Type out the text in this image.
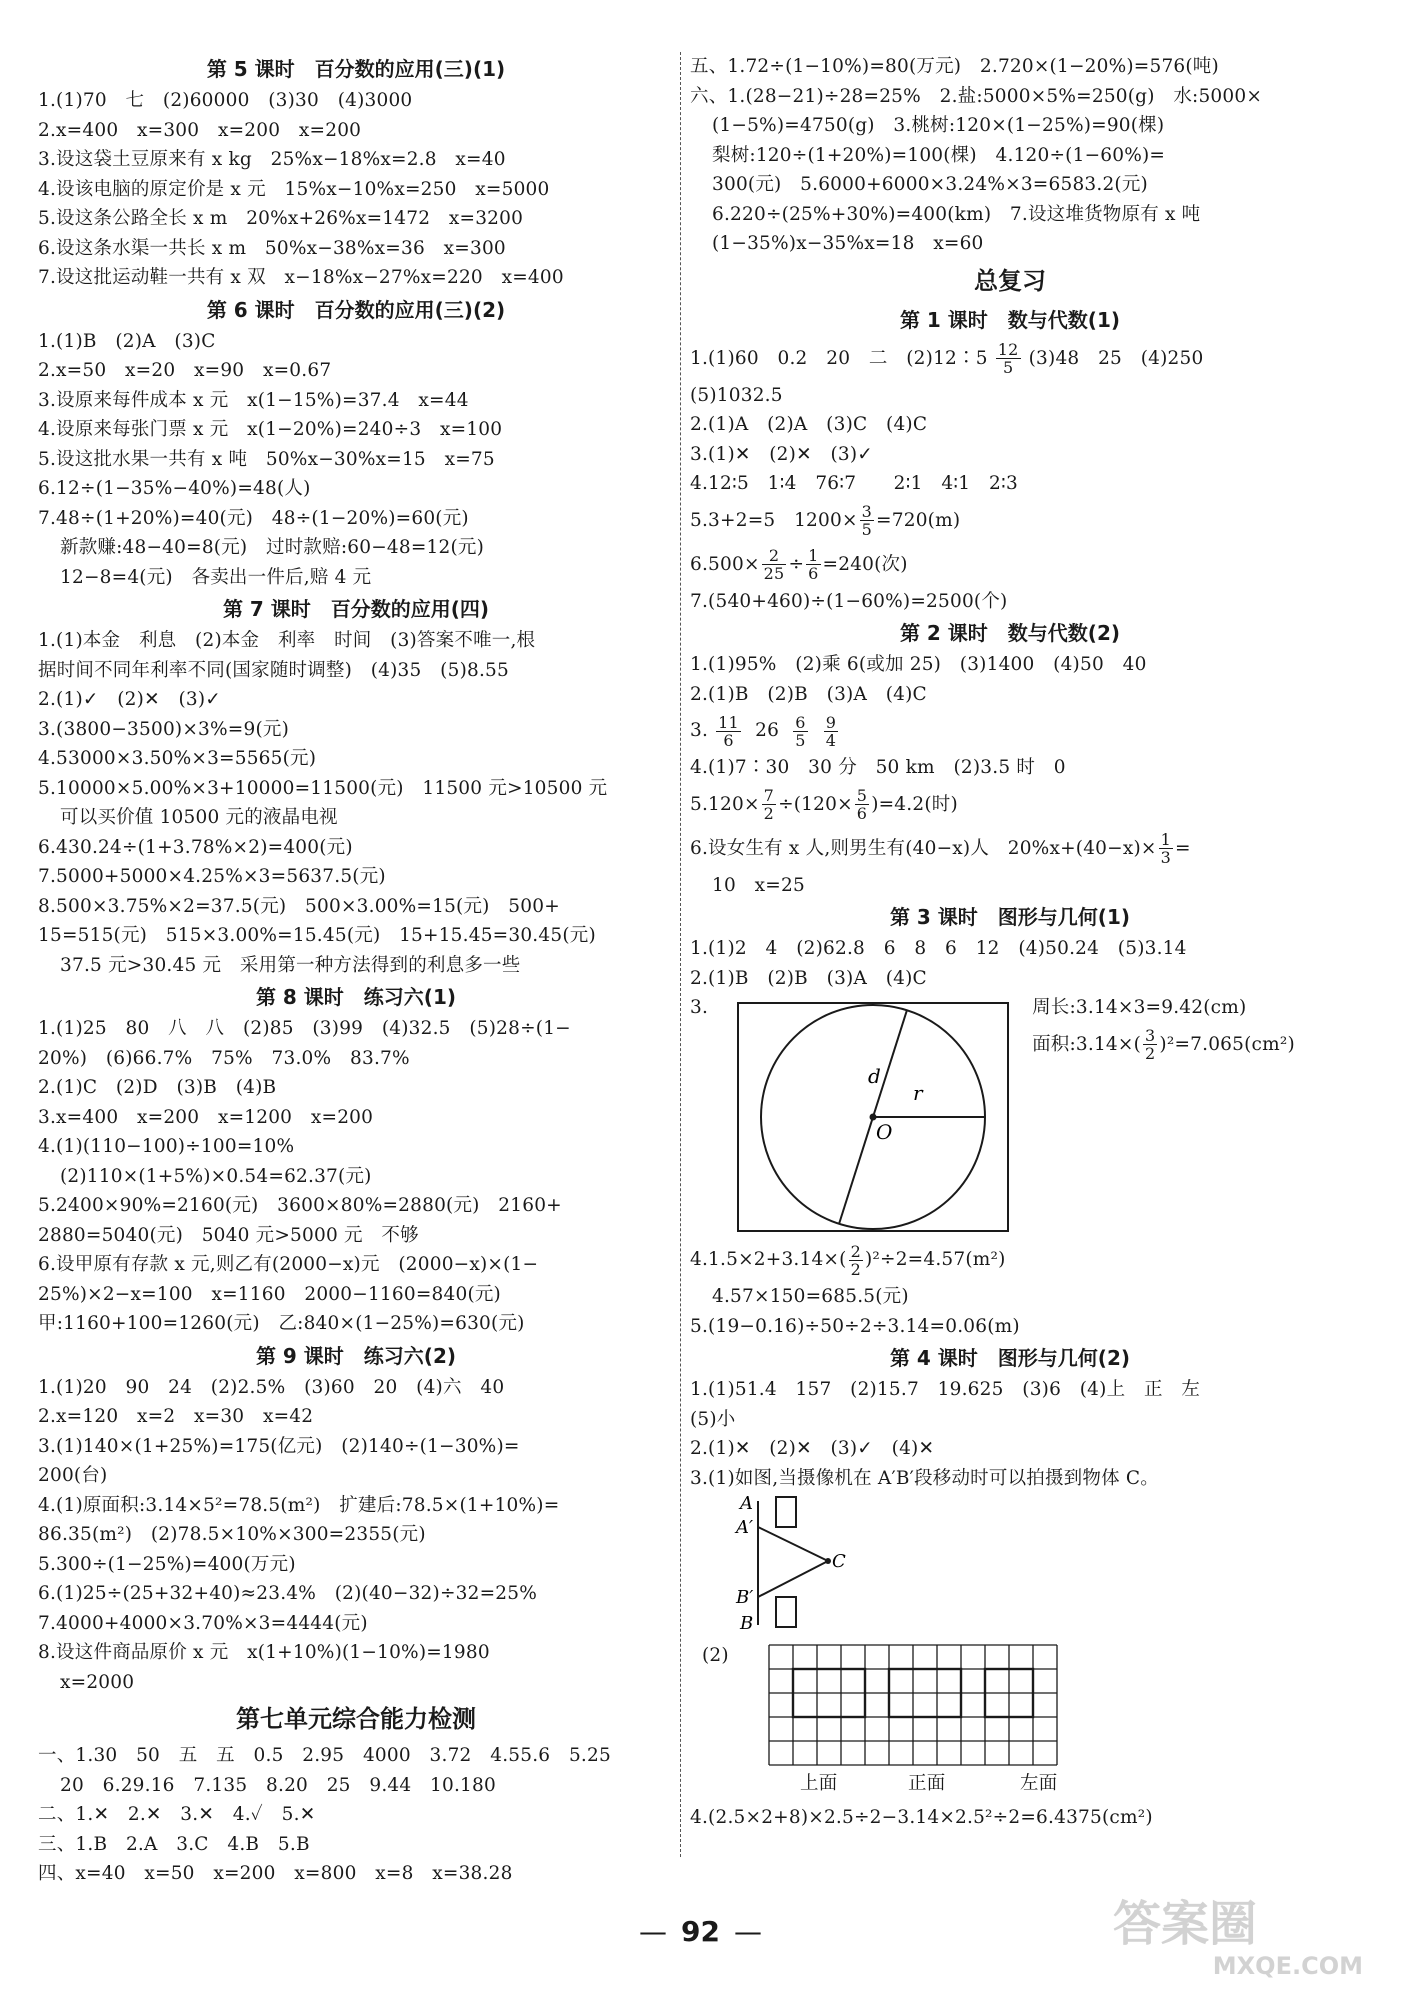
第 5 课时　百分数的应用(三)(1)
1.(1)70　七　(2)60000　(3)30　(4)3000
2.x=400　x=300　x=200　x=200
3.设这袋土豆原来有 x kg　25%x−18%x=2.8　x=40
4.设该电脑的原定价是 x 元　15%x−10%x=250　x=5000
5.设这条公路全长 x m　20%x+26%x=1472　x=3200
6.设这条水渠一共长 x m　50%x−38%x=36　x=300
7.设这批运动鞋一共有 x 双　x−18%x−27%x=220　x=400
第 6 课时　百分数的应用(三)(2)
1.(1)B　(2)A　(3)C
2.x=50　x=20　x=90　x=0.67
3.设原来每件成本 x 元　x(1−15%)=37.4　x=44
4.设原来每张门票 x 元　x(1−20%)=240÷3　x=100
5.设这批水果一共有 x 吨　50%x−30%x=15　x=75
6.12÷(1−35%−40%)=48(人)
7.48÷(1+20%)=40(元)　48÷(1−20%)=60(元)
新款赚:48−40=8(元)　过时款赔:60−48=12(元)
12−8=4(元)　各卖出一件后,赔 4 元
第 7 课时　百分数的应用(四)
1.(1)本金　利息　(2)本金　利率　时间　(3)答案不唯一,根
据时间不同年利率不同(国家随时调整)　(4)35　(5)8.55
2.(1)✓　(2)✕　(3)✓
3.(3800−3500)×3%=9(元)
4.53000×3.50%×3=5565(元)
5.10000×5.00%×3+10000=11500(元)　11500 元>10500 元
可以买价值 10500 元的液晶电视
6.430.24÷(1+3.78%×2)=400(元)
7.5000+5000×4.25%×3=5637.5(元)
8.500×3.75%×2=37.5(元)　500×3.00%=15(元)　500+
15=515(元)　515×3.00%=15.45(元)　15+15.45=30.45(元)
37.5 元>30.45 元　采用第一种方法得到的利息多一些
第 8 课时　练习六(1)
1.(1)25　80　八　八　(2)85　(3)99　(4)32.5　(5)28÷(1−
20%)　(6)66.7%　75%　73.0%　83.7%
2.(1)C　(2)D　(3)B　(4)B
3.x=400　x=200　x=1200　x=200
4.(1)(110−100)÷100=10%
(2)110×(1+5%)×0.54=62.37(元)
5.2400×90%=2160(元)　3600×80%=2880(元)　2160+
2880=5040(元)　5040 元>5000 元　不够
6.设甲原有存款 x 元,则乙有(2000−x)元　(2000−x)×(1−
25%)×2−x=100　x=1160　2000−1160=840(元)
甲:1160+100=1260(元)　乙:840×(1−25%)=630(元)
第 9 课时　练习六(2)
1.(1)20　90　24　(2)2.5%　(3)60　20　(4)六　40
2.x=120　x=2　x=30　x=42
3.(1)140×(1+25%)=175(亿元)　(2)140÷(1−30%)=
200(台)
4.(1)原面积:3.14×5²=78.5(m²)　扩建后:78.5×(1+10%)=
86.35(m²)　(2)78.5×10%×300=2355(元)
5.300÷(1−25%)=400(万元)
6.(1)25÷(25+32+40)≈23.4%　(2)(40−32)÷32=25%
7.4000+4000×3.70%×3=4444(元)
8.设这件商品原价 x 元　x(1+10%)(1−10%)=1980
x=2000
第七单元综合能力检测
一、1.30　50　五　五　0.5　2.95　4000　3.72　4.55.6　5.25
20　6.29.16　7.135　8.20　25　9.44　10.180
二、1.✕　2.✕　3.✕　4.✓　5.✕
三、1.B　2.A　3.C　4.B　5.B
四、x=40　x=50　x=200　x=800　x=8　x=38.28
五、1.72÷(1−10%)=80(万元)　2.720×(1−20%)=576(吨)
六、1.(28−21)÷28=25%　2.盐:5000×5%=250(g)　水:5000×
(1−5%)=4750(g)　3.桃树:120×(1−25%)=90(棵)
梨树:120÷(1+20%)=100(棵)　4.120÷(1−60%)=
300(元)　5.6000+6000×3.24%×3=6583.2(元)
6.220÷(25%+30%)=400(km)　7.设这堆货物原有 x 吨
(1−35%)x−35%x=18　x=60
总复习
第 1 课时　数与代数(1)
1.(1)60　0.2　20　二　(2)12∶5 $\frac{12}{5} (3)48$　25　(4)250
(5)1032.5
2.(1)A　(2)A　(3)C　(4)C
3.(1)✕　(2)✕　(3)✓
4.12∶5　1∶4　76∶7　　2∶1　4∶1　2∶3
5.3+2=5　$1200\times \frac{3}{5} =720(m)$
$6.500\times \frac{2}{25} \div \frac{1}{6} =240$(次)
7.(540+460)÷(1−60%)=2500(个)
第 2 课时　数与代数(2)
1.(1)95%　(2)乘 6(或加 25)　(3)1400　(4)50　40
2.(1)B　(2)B　(3)A　(4)C
3. $\frac{11}{6} 26 \frac{6}{5}$
$\frac{9}{4}$
4.(1)7∶30　30 分　50 km　(2)3.5 时　0
$5.120\times \frac{7}{2} \div(120\times \frac{5}{6} )=4.2$(时)
6.设女生有 x 人,则男生有(40−x)人　$20\%x+(40-x)\times \frac{1}{3}$ =
10　x=25
第 3 课时　图形与几何(1)
1.(1)2　4　(2)62.8　6　8　6　12　(4)50.24　(5)3.14
2.(1)B　(2)B　(3)A　(4)C
3.
d
r
O
周长:3.14×3=9.42(cm)
面积:3.14×( $\frac{3}{2} )^2=7.065(cm^2)$
$4.1.5\times 2+3.14\times( \frac{2}{2} )^2\div 2=4.57(m^2)$
4.57×150=685.5(元)
5.(19−0.16)÷50÷2÷3.14=0.06(m)
第 4 课时　图形与几何(2)
1.(1)51.4　157　(2)15.7　19.625　(3)6　(4)上　正　左
(5)小
2.(1)✕　(2)✕　(3)✓　(4)✕
3.(1)如图,当摄像机在 A′B′段移动时可以拍摄到物体 C。
A
A′
C
B′
B
(2)
上面	正面	左面
4.(2.5×2+8)×2.5÷2−3.14×2.5²÷2=6.4375(cm²)
— 92 —	答案圈
MXQE.COM
